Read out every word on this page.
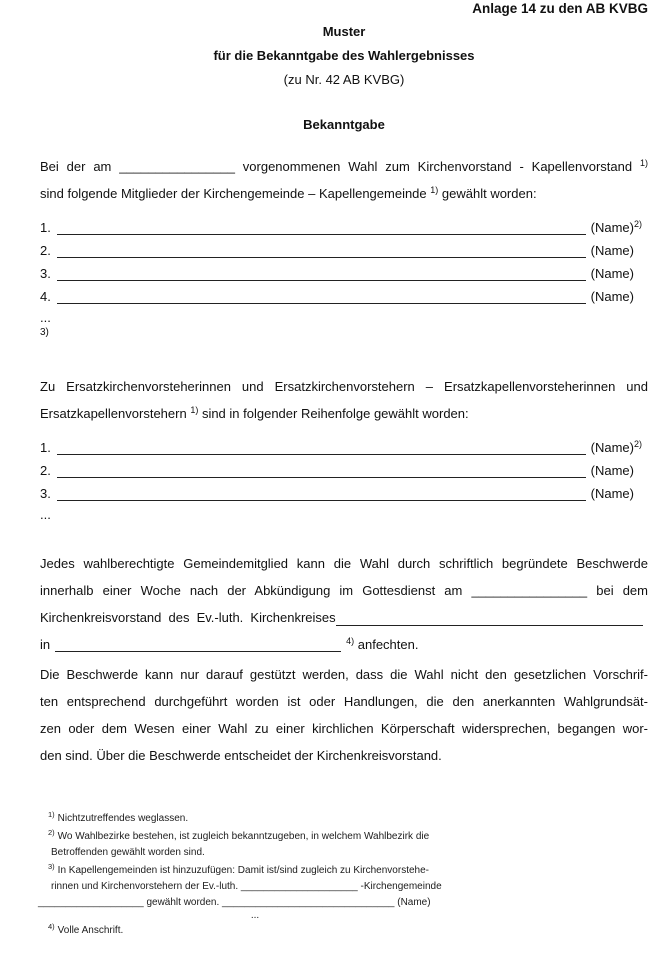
Anlage 14 zu den AB KVBG
Muster
für die Bekanntgabe des Wahlergebnisses
(zu Nr. 42 AB KVBG)
Bekanntgabe
Bei der am ________________ vorgenommenen Wahl zum Kirchenvorstand - Kapellenvorstand $^{1)}$
sind folgende Mitglieder der Kirchengemeinde – Kapellengemeinde $^{1)}$ gewählt worden:
1.	(Name)$^{2)}$
2.	(Name)
3.	(Name)
4.	(Name)
...
3)
Zu Ersatzkirchenvorsteherinnen und Ersatzkirchenvorstehern – Ersatzkapellenvorsteherinnen und
Ersatzkapellenvorstehern $^{1)}$ sind in folgender Reihenfolge gewählt worden:
1.	(Name)$^{2)}$
2.	(Name)
3.	(Name)
...
Jedes wahlberechtigte Gemeindemitglied kann die Wahl durch schriftlich begründete Beschwerde
innerhalb einer Woche nach der Abkündigung im Gottesdienst am ________________ bei dem
Kirchenkreisvorstand des Ev.-luth. Kirchenkreises
in	$^{4)}$ anfechten.
Die Beschwerde kann nur darauf gestützt werden, dass die Wahl nicht den gesetzlichen Vorschrif-
ten entsprechend durchgeführt worden ist oder Handlungen, die den anerkannten Wahlgrundsät-
zen oder dem Wesen einer Wahl zu einer kirchlichen Körperschaft widersprechen, begangen wor-
den sind. Über die Beschwerde entscheidet der Kirchenkreisvorstand.
$^{1)}$ Nichtzutreffendes weglassen.
$^{2)}$ Wo Wahlbezirke bestehen, ist zugleich bekanntzugeben, in welchem Wahlbezirk die
Betroffenden gewählt worden sind.
$^{3)}$ In Kapellengemeinden ist hinzuzufügen: Damit ist/sind zugleich zu Kirchenvorstehe-
rinnen und Kirchenvorstehern der Ev.-luth. _____________________ -Kirchengemeinde
___________________ gewählt worden. _______________________________ (Name)
...
$^{4)}$ Volle Anschrift.
